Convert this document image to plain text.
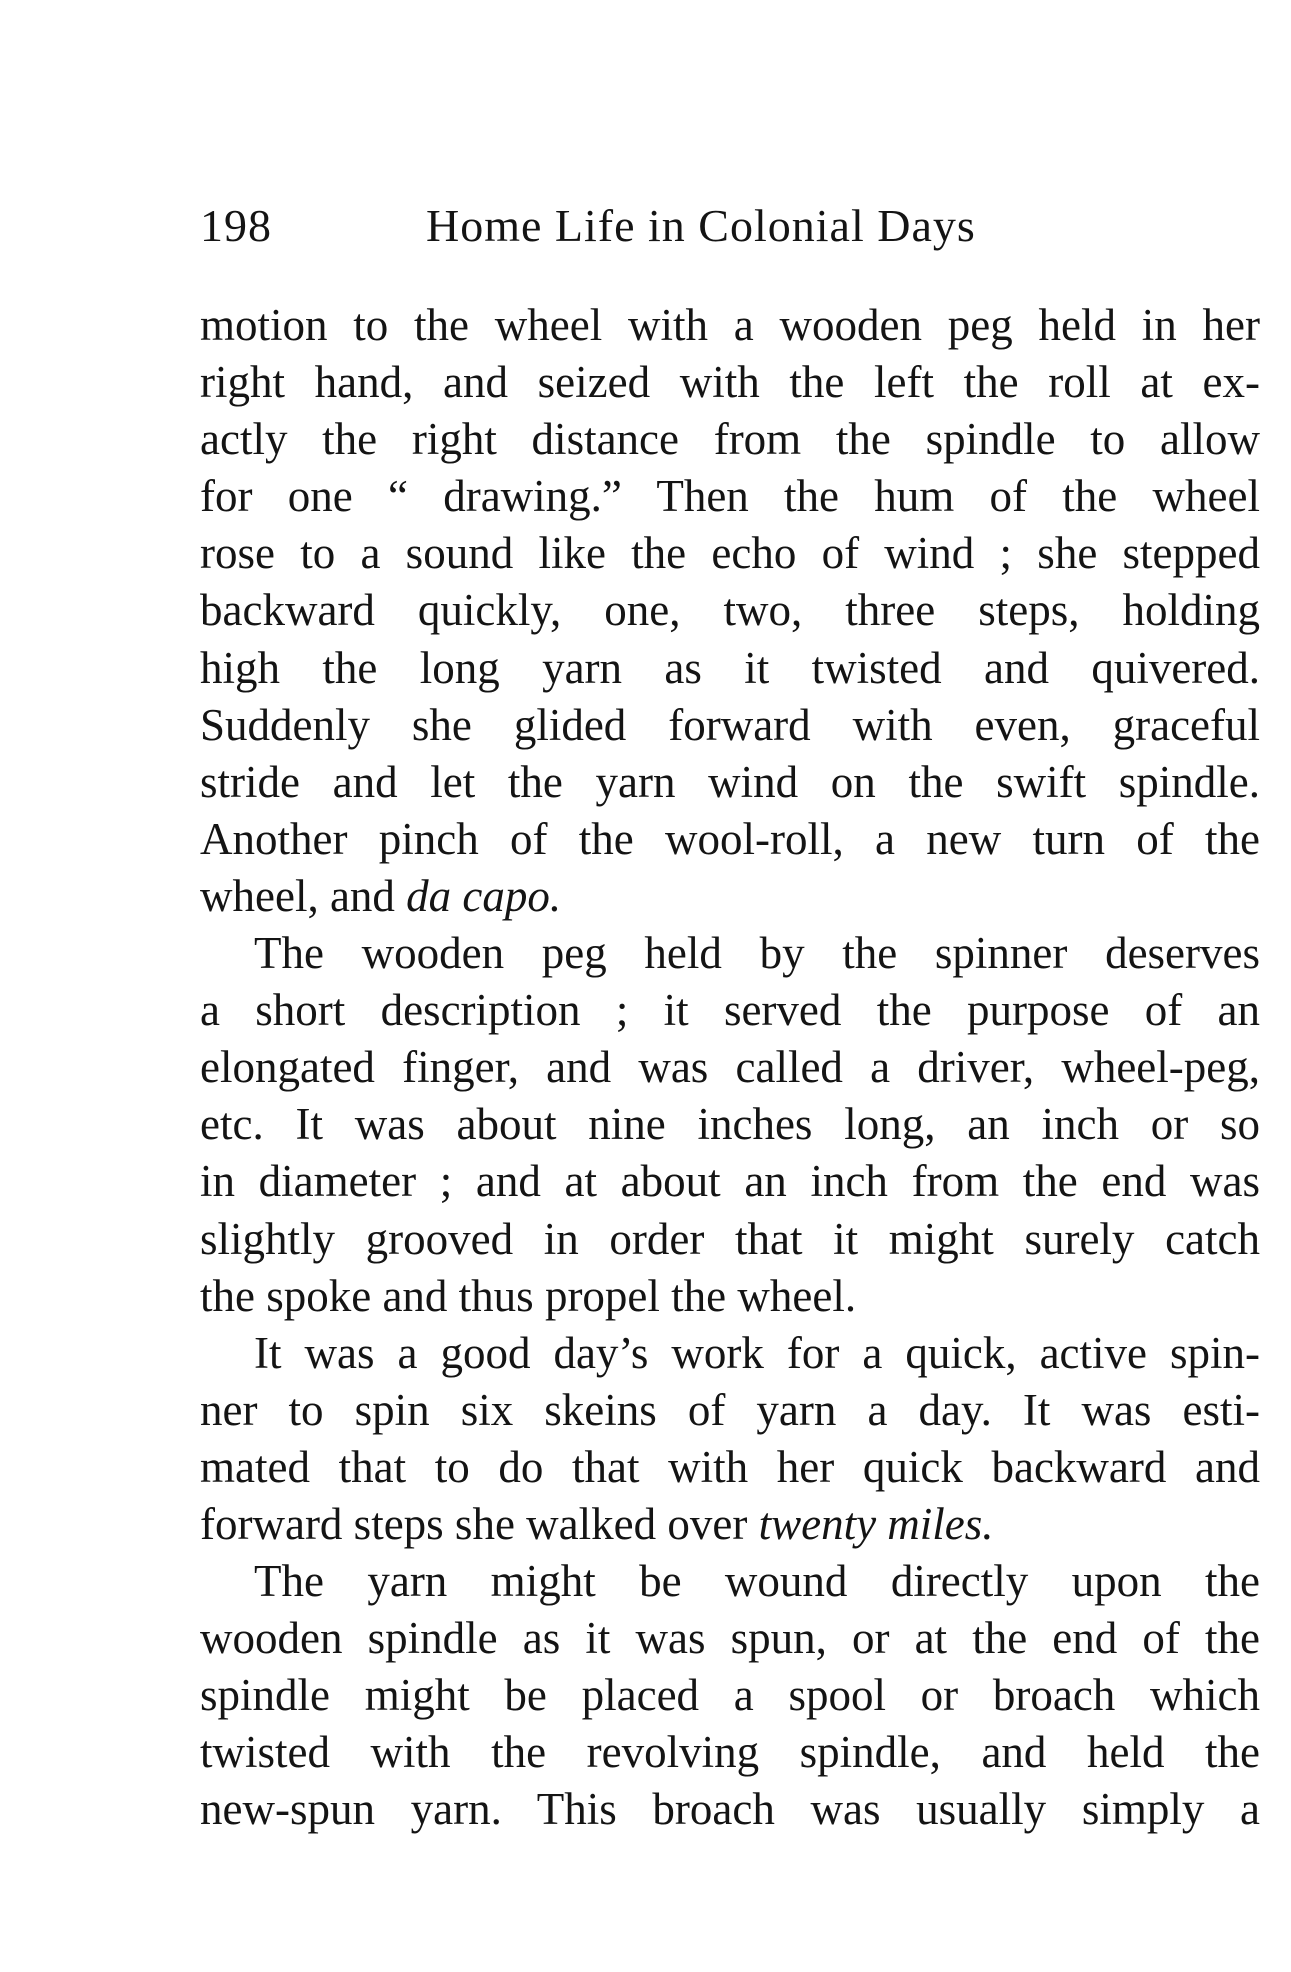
198	Home Life in Colonial Days
motion to the wheel with a wooden peg held in her
right hand, and seized with the left the roll at ex-
actly the right distance from the spindle to allow
for one “ drawing.” Then the hum of the wheel
rose to a sound like the echo of wind ; she stepped
backward quickly, one, two, three steps, holding
high the long yarn as it twisted and quivered.
Suddenly she glided forward with even, graceful
stride and let the yarn wind on the swift spindle.
Another pinch of the wool-roll, a new turn of the
wheel, and da capo.
The wooden peg held by the spinner deserves
a short description ; it served the purpose of an
elongated finger, and was called a driver, wheel-peg,
etc. It was about nine inches long, an inch or so
in diameter ; and at about an inch from the end was
slightly grooved in order that it might surely catch
the spoke and thus propel the wheel.
It was a good day’s work for a quick, active spin-
ner to spin six skeins of yarn a day. It was esti-
mated that to do that with her quick backward and
forward steps she walked over twenty miles.
The yarn might be wound directly upon the
wooden spindle as it was spun, or at the end of the
spindle might be placed a spool or broach which
twisted with the revolving spindle, and held the
new-spun yarn. This broach was usually simply a
